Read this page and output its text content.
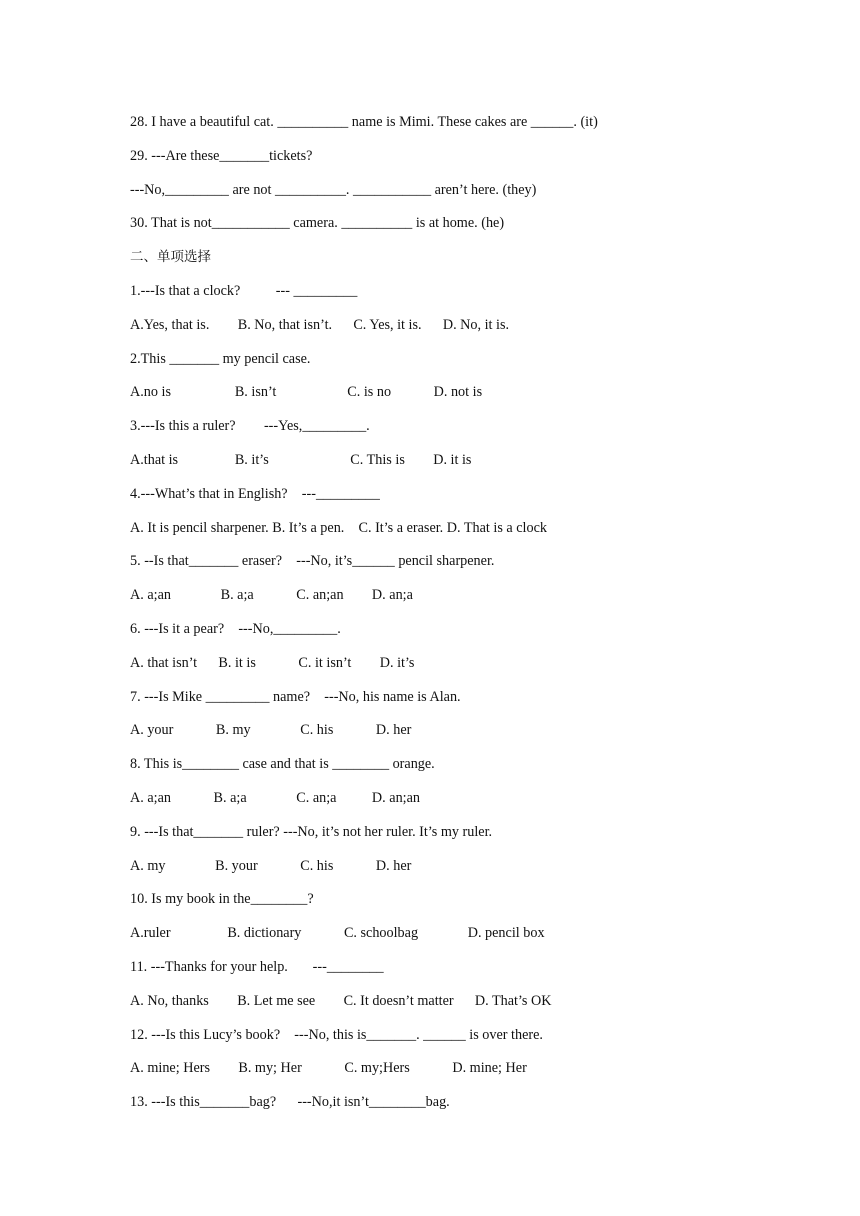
28. I have a beautiful cat. __________ name is Mimi. These cakes are ______. (it)
29. ---Are these_______tickets?
---No,_________ are not __________. ___________ aren’t here. (they)
30. That is not___________ camera. __________ is at home. (he)
二、单项选择
1.---Is that a clock?          --- _________
A.Yes, that is.        B. No, that isn’t.      C. Yes, it is.      D. No, it is.
2.This _______ my pencil case.
A.no is                  B. isn’t                    C. is no            D. not is
3.---Is this a ruler?        ---Yes,_________.
A.that is                B. it’s                       C. This is        D. it is
4.---What’s that in English?    ---_________
A. It is pencil sharpener. B. It’s a pen.    C. It’s a eraser. D. That is a clock
5. --Is that_______ eraser?    ---No, it’s______ pencil sharpener.
A. a;an              B. a;a            C. an;an        D. an;a
6. ---Is it a pear?    ---No,_________.
A. that isn’t      B. it is            C. it isn’t        D. it’s
7. ---Is Mike _________ name?    ---No, his name is Alan.
A. your            B. my              C. his            D. her
8. This is________ case and that is ________ orange.
A. a;an            B. a;a              C. an;a          D. an;an
9. ---Is that_______ ruler? ---No, it’s not her ruler. It’s my ruler.
A. my              B. your            C. his            D. her
10. Is my book in the________?
A.ruler                B. dictionary            C. schoolbag              D. pencil box
11. ---Thanks for your help.       ---________
A. No, thanks        B. Let me see        C. It doesn’t matter      D. That’s OK
12. ---Is this Lucy’s book?    ---No, this is_______. ______ is over there.
A. mine; Hers        B. my; Her            C. my;Hers            D. mine; Her
13. ---Is this_______bag?      ---No,it isn’t________bag.
